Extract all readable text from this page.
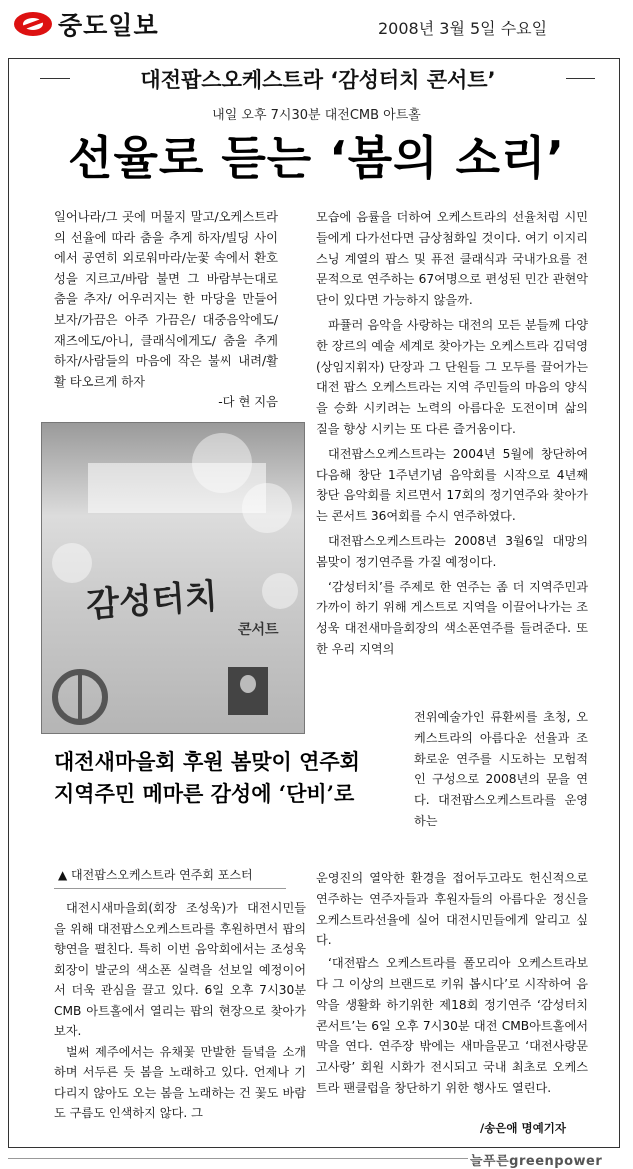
중도일보	2008년 3월 5일 수요일
대전팝스오케스트라 ‘감성터치 콘서트’
내일 오후 7시30분 대전CMB 아트홀
선율로 듣는 ‘봄의 소리’
일어나라/그 곳에 머물지 말고/오케스트라의 선율에 따라 춤을 추게 하자/빌딩 사이에서 공연히 외로워마라/눈꽃 속에서 환호성을 지르고/바람 불면 그 바람부는대로 춤을 추자/ 어우러지는 한 마당을 만들어보자/가끔은 아주 가끔은/ 대중음악에도/ 재즈에도/아니, 클래식에게도/ 춤을 추게 하자/사람들의 마음에 작은 불씨 내려/활활 타오르게 하자
-다 현 지음
감성터치
콘서트
대전새마을회 후원 봄맞이 연주회
지역주민 메마른 감성에 ‘단비’로
▲ 대전팝스오케스트라 연주회 포스터

대전시새마을회(회장 조성욱)가 대전시민들을 위해 대전팝스오케스트라를 후원하면서 팝의 향연을 펼친다. 특히 이번 음악회에서는 조성욱 회장이 발군의 색소폰 실력을 선보일 예정이어서 더욱 관심을 끌고 있다. 6일 오후 7시30분 CMB 아트홀에서 열리는 팝의 현장으로 찾아가보자.

벌써 제주에서는 유채꽃 만발한 들녘을 소개하며 서두른 듯 봄을 노래하고 있다. 언제나 기다리지 않아도 오는 봄을 노래하는 건 꽃도 바람도 구름도 인색하지 않다. 그

모습에 음률을 더하여 오케스트라의 선율처럼 시민들에게 다가선다면 금상첨화일 것이다. 여기 이지리스닝 계열의 팝스 및 퓨전 클래식과 국내가요를 전문적으로 연주하는 67여명으로 편성된 민간 관현악단이 있다면 가능하지 않을까.

파퓰러 음악을 사랑하는 대전의 모든 분들께 다양한 장르의 예술 세계로 찾아가는 오케스트라 김덕영(상임지휘자) 단장과 그 단원들 그 모두를 끌어가는 대전 팝스 오케스트라는 지역 주민들의 마음의 양식을 승화 시키려는 노력의 아름다운 도전이며 삶의 질을 향상 시키는 또 다른 즐거움이다.

대전팝스오케스트라는 2004년 5월에 창단하여 다음해 창단 1주년기념 음악회를 시작으로 4년째 창단 음악회를 치르면서 17회의 정기연주와 찾아가는 콘서트 36여회를 수시 연주하였다.

대전팝스오케스트라는 2008년 3월6일 대망의 봄맞이 정기연주를 가질 예정이다.

‘감성터치’를 주제로 한 연주는 좀 더 지역주민과 가까이 하기 위해 게스트로 지역을 이끌어나가는 조성욱 대전새마을회장의 색소폰연주를 들려준다. 또한 우리 지역의

전위예술가인 류환씨를 초청, 오케스트라의 아름다운 선율과 조화로운 연주를 시도하는 모험적인 구성으로 2008년의 문을 연다. 대전팝스오케스트라를 운영하는

운영진의 열악한 환경을 접어두고라도 헌신적으로 연주하는 연주자들과 후원자들의 아름다운 정신을 오케스트라선율에 실어 대전시민들에게 알리고 싶다.

‘대전팝스 오케스트라를 폴모리아 오케스트라보다 그 이상의 브랜드로 키워 봅시다’로 시작하여 음악을 생활화 하기위한 제18회 정기연주 ‘감성터치콘서트’는 6일 오후 7시30분 대전 CMB아트홀에서 막을 연다. 연주장 밖에는 새마을문고 ‘대전사랑문고사랑’ 회원 시화가 전시되고 국내 최초로 오케스트라 팬클럽을 창단하기 위한 행사도 열린다.

/송은애 명예기자
늘푸른greenpower
